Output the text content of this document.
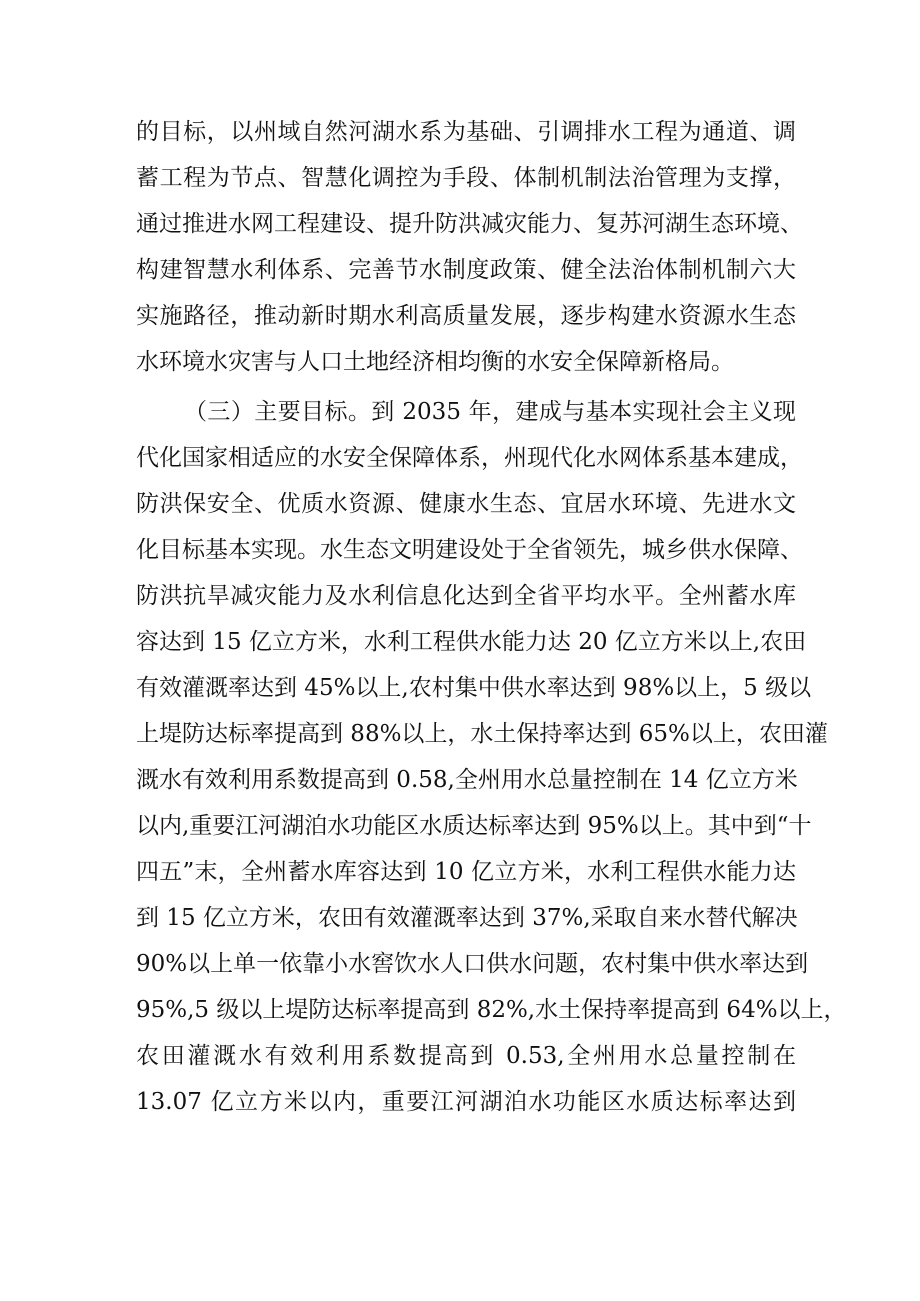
的目标，以州域自然河湖水系为基础、引调排水工程为通道、调
蓄工程为节点、智慧化调控为手段、体制机制法治管理为支撑，
通过推进水网工程建设、提升防洪减灾能力、复苏河湖生态环境、
构建智慧水利体系、完善节水制度政策、健全法治体制机制六大
实施路径，推动新时期水利高质量发展，逐步构建水资源水生态
水环境水灾害与人口土地经济相均衡的水安全保障新格局。
（三）主要目标。到 2035 年，建成与基本实现社会主义现
代化国家相适应的水安全保障体系，州现代化水网体系基本建成，
防洪保安全、优质水资源、健康水生态、宜居水环境、先进水文
化目标基本实现。水生态文明建设处于全省领先，城乡供水保障、
防洪抗旱减灾能力及水利信息化达到全省平均水平。全州蓄水库
容达到 15 亿立方米，水利工程供水能力达 20 亿立方米以上,农田
有效灌溉率达到 45%以上,农村集中供水率达到 98%以上，5 级以
上堤防达标率提高到 88%以上，水土保持率达到 65%以上，农田灌
溉水有效利用系数提高到 0.58,全州用水总量控制在 14 亿立方米
以内,重要江河湖泊水功能区水质达标率达到 95%以上。其中到“十
四五”末，全州蓄水库容达到 10 亿立方米，水利工程供水能力达
到 15 亿立方米，农田有效灌溉率达到 37%,采取自来水替代解决
90%以上单一依靠小水窖饮水人口供水问题，农村集中供水率达到
95%,5 级以上堤防达标率提高到 82%,水土保持率提高到 64%以上，
农田灌溉水有效利用系数提高到 0.53,全州用水总量控制在
13.07 亿立方米以内，重要江河湖泊水功能区水质达标率达到
